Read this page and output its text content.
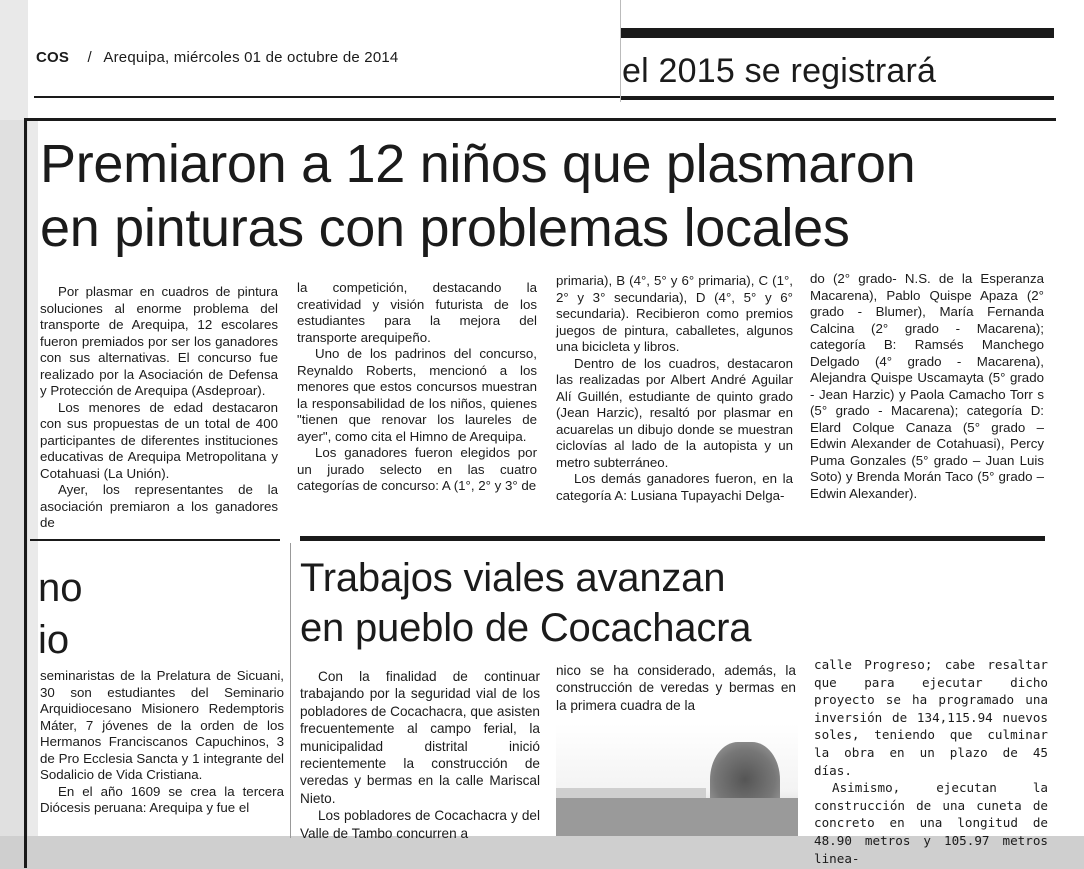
COS / Arequipa, miércoles 01 de octubre de 2014	el 2015 se registrará
Premiaron a 12 niños que plasmaron
en pinturas con problemas locales

Por plasmar en cuadros de pintura soluciones al enorme problema del transporte de Arequipa, 12 escolares fueron premiados por ser los ganadores con sus alternativas. El concurso fue realizado por la Asociación de Defensa y Protección de Arequipa (Asdeproar).

Los menores de edad destacaron con sus propuestas de un total de 400 participantes de diferentes instituciones educativas de Arequipa Metropolitana y Cotahuasi (La Unión).

Ayer, los representantes de la asociación premiaron a los ganadores de

la competición, destacando la creatividad y visión futurista de los estudiantes para la mejora del transporte arequipeño.

Uno de los padrinos del concurso, Reynaldo Roberts, mencionó a los menores que estos concursos muestran la responsabilidad de los niños, quienes "tienen que renovar los laureles de ayer", como cita el Himno de Arequipa.

Los ganadores fueron elegidos por un jurado selecto en las cuatro categorías de concurso: A (1°, 2° y 3° de

primaria), B (4°, 5° y 6° primaria), C (1°, 2° y 3° secundaria), D (4°, 5° y 6° secundaria). Recibieron como premios juegos de pintura, caballetes, algunos una bicicleta y libros.

Dentro de los cuadros, destacaron las realizadas por Albert André Aguilar Alí Guillén, estudiante de quinto grado (Jean Harzic), resaltó por plasmar en acuarelas un dibujo donde se muestran ciclovías al lado de la autopista y un metro subterráneo.

Los demás ganadores fueron, en la categoría A: Lusiana Tupayachi Delga-

do (2° grado- N.S. de la Esperanza Macarena), Pablo Quispe Apaza (2° grado - Blumer), María Fernanda Calcina (2° grado - Macarena); categoría B: Ramsés Manchego Delgado (4° grado - Macarena), Alejandra Quispe Uscamayta (5° grado - Jean Harzic) y Paola Camacho Torr s (5° grado - Macarena); categoría D: Elard Colque Canaza (5° grado – Edwin Alexander de Cotahuasi), Percy Puma Gonzales (5° grado – Juan Luis Soto) y Brenda Morán Taco (5° grado – Edwin Alexander).

no
io

seminaristas de la Prelatura de Sicuani, 30 son estudiantes del Seminario Arquidiocesano Misionero Redemptoris Máter, 7 jóvenes de la orden de los Hermanos Franciscanos Capuchinos, 3 de Pro Ecclesia Sancta y 1 integrante del Sodalicio de Vida Cristiana.

En el año 1609 se crea la tercera Diócesis peruana: Arequipa y fue el

Trabajos viales avanzan
en pueblo de Cocachacra

Con la finalidad de continuar trabajando por la seguridad vial de los pobladores de Cocachacra, que asisten frecuentemente al campo ferial, la municipalidad distrital inició recientemente la construcción de veredas y bermas en la calle Mariscal Nieto.

Los pobladores de Cocachacra y del Valle de Tambo concurren a

nico se ha considerado, además, la construcción de veredas y bermas en la primera cuadra de la

calle Progreso; cabe resaltar que para ejecutar dicho proyecto se ha programado una inversión de 134,115.94 nuevos soles, teniendo que culminar la obra en un plazo de 45 días.

Asimismo, ejecutan la construcción de una cuneta de concreto en una longitud de 48.90 metros y 105.97 metros linea-
